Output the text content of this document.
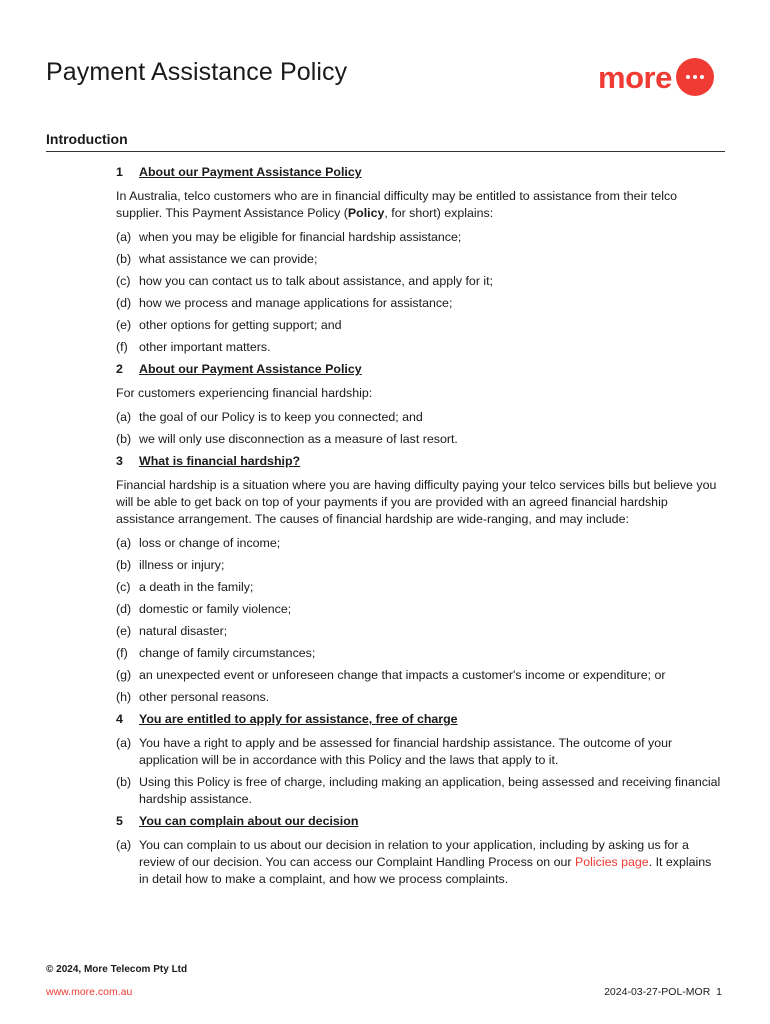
Payment Assistance Policy	more
Introduction
1	About our Payment Assistance Policy
In Australia, telco customers who are in financial difficulty may be entitled to assistance from their telco supplier. This Payment Assistance Policy (Policy, for short) explains:
(a) when you may be eligible for financial hardship assistance;
(b) what assistance we can provide;
(c) how you can contact us to talk about assistance, and apply for it;
(d) how we process and manage applications for assistance;
(e) other options for getting support; and
(f) other important matters.
2	About our Payment Assistance Policy
For customers experiencing financial hardship:
(a) the goal of our Policy is to keep you connected; and
(b) we will only use disconnection as a measure of last resort.
3	What is financial hardship?
Financial hardship is a situation where you are having difficulty paying your telco services bills but believe you will be able to get back on top of your payments if you are provided with an agreed financial hardship assistance arrangement. The causes of financial hardship are wide-ranging, and may include:
(a) loss or change of income;
(b) illness or injury;
(c) a death in the family;
(d) domestic or family violence;
(e) natural disaster;
(f) change of family circumstances;
(g) an unexpected event or unforeseen change that impacts a customer's income or expenditure; or
(h) other personal reasons.
4	You are entitled to apply for assistance, free of charge
(a) You have a right to apply and be assessed for financial hardship assistance. The outcome of your application will be in accordance with this Policy and the laws that apply to it.
(b) Using this Policy is free of charge, including making an application, being assessed and receiving financial hardship assistance.
5	You can complain about our decision
(a) You can complain to us about our decision in relation to your application, including by asking us for a review of our decision. You can access our Complaint Handling Process on our Policies page. It explains in detail how to make a complaint, and how we process complaints.
© 2024, More Telecom Pty Ltd
www.more.com.au	2024-03-27-POL-MOR 1
